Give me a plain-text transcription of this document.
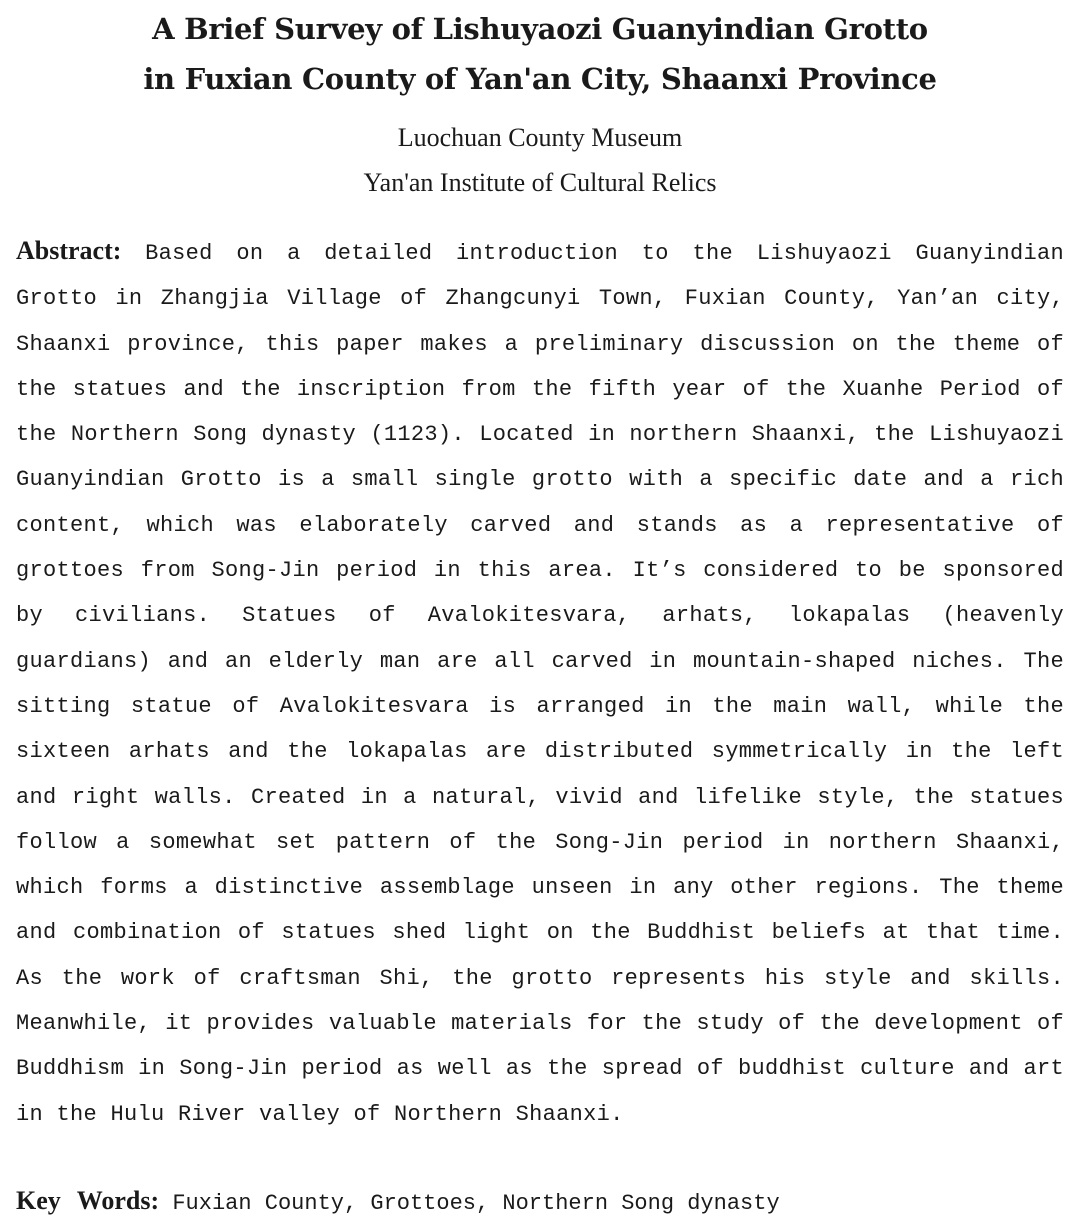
A Brief Survey of Lishuyaozi Guanyindian Grotto
in Fuxian County of Yan'an City, Shaanxi Province

Luochuan County Museum

Yan'an Institute of Cultural Relics

Abstract: Based on a detailed introduction to the Lishuyaozi Guanyindian Grotto in Zhangjia Village of Zhangcunyi Town, Fuxian County, Yan’an city, Shaanxi province, this paper makes a preliminary discussion on the theme of the statues and the inscription from the fifth year of the Xuanhe Period of the Northern Song dynasty (1123). Located in northern Shaanxi, the Lishuyaozi Guanyindian Grotto is a small single grotto with a specific date and a rich content, which was elaborately carved and stands as a representative of grottoes from Song-Jin period in this area. It’s considered to be sponsored by civilians. Statues of Avalokitesvara, arhats, lokapalas (heavenly guardians) and an elderly man are all carved in mountain-shaped niches. The sitting statue of Avalokitesvara is arranged in the main wall, while the sixteen arhats and the lokapalas are distributed symmetrically in the left and right walls. Created in a natural, vivid and lifelike style, the statues follow a somewhat set pattern of the Song-Jin period in northern Shaanxi, which forms a distinctive assemblage unseen in any other regions. The theme and combination of statues shed light on the Buddhist beliefs at that time. As the work of craftsman Shi, the grotto represents his style and skills. Meanwhile, it provides valuable materials for the study of the development of Buddhism in Song-Jin period as well as the spread of buddhist culture and art in the Hulu River valley of Northern Shaanxi.

Key Words: Fuxian County, Grottoes, Northern Song dynasty
